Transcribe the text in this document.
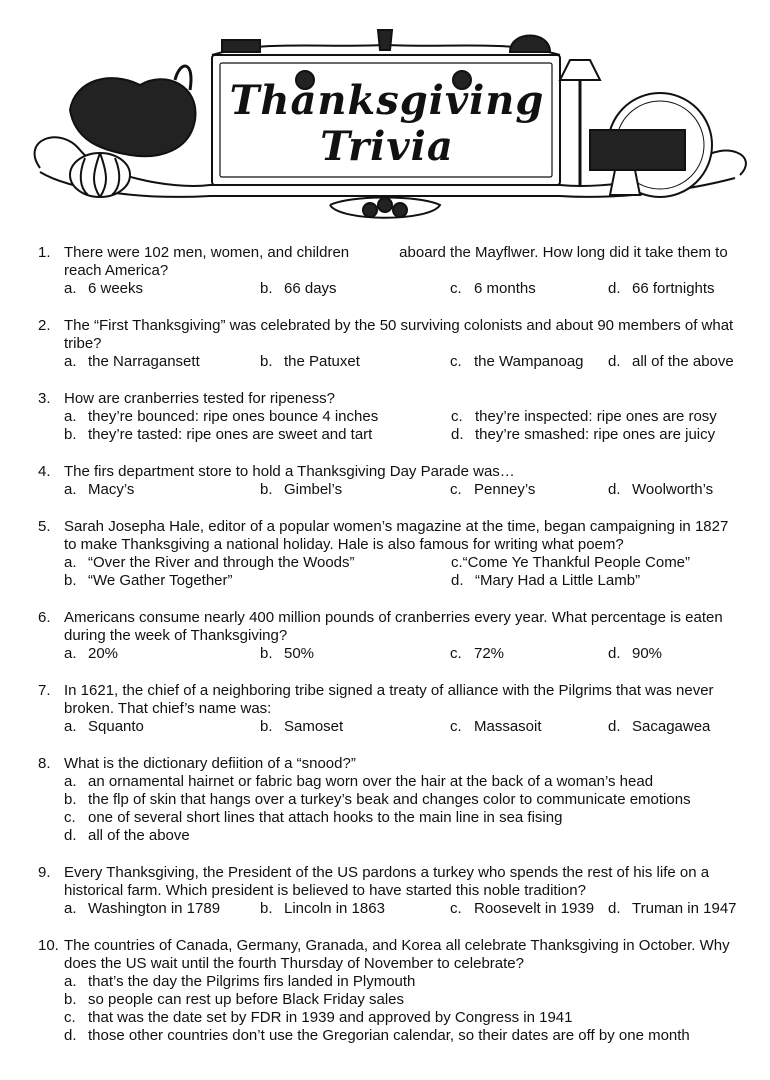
Thanksgiving
Trivia
1. There were 102 men, women, and children            aboard the Mayflwer. How long did it take them to reach America?
a. 6 weeks	b. 66 days	c. 6 months	d. 66 fortnights
2. The “First Thanksgiving” was celebrated by the 50 surviving colonists and about 90 members of what tribe?
a. the Narragansett	b. the Patuxet	c. the Wampanoag	d. all of the above
3. How are cranberries tested for ripeness?
a. they’re bounced: ripe ones bounce 4 inches	c. they’re inspected: ripe ones are rosy
b. they’re tasted: ripe ones are sweet and tart	d. they’re smashed: ripe ones are juicy
4. The firs department store to hold a Thanksgiving Day Parade was…
a. Macy’s	b. Gimbel’s	c. Penney’s	d. Woolworth’s
5. Sarah Josepha Hale, editor of a popular women’s magazine at the time, began campaigning in 1827 to make Thanksgiving a national holiday. Hale is also famous for writing what poem?
a. “Over the River and through the Woods”	c.“Come Ye Thankful People Come”
b. “We Gather Together”	d. “Mary Had a Little Lamb”
6. Americans consume nearly 400 million pounds of cranberries every year. What percentage is eaten during the week of Thanksgiving?
a. 20%	b. 50%	c. 72%	d. 90%
7. In 1621, the chief of a neighboring tribe signed a treaty of alliance with the Pilgrims that was never broken. That chief’s name was:
a. Squanto	b. Samoset	c. Massasoit	d. Sacagawea
8. What is the dictionary defiition of a “snood?”
a. an ornamental hairnet or fabric bag worn over the hair at the back of a woman’s head
b. the flp of skin that hangs over a turkey’s beak and changes color to communicate emotions
c. one of several short lines that attach hooks to the main line in sea fising
d. all of the above
9. Every Thanksgiving, the President of the US pardons a turkey who spends the rest of his life on a historical farm. Which president is believed to have started this noble tradition?
a. Washington in 1789	b. Lincoln in 1863	c. Roosevelt in 1939 d. Truman in 1947
10. The countries of Canada, Germany, Granada, and Korea all celebrate Thanksgiving in October. Why does the US wait until the fourth Thursday of November to celebrate?
a. that’s the day the Pilgrims firs landed in Plymouth
b. so people can rest up before Black Friday sales
c. that was the date set by FDR in 1939 and approved by Congress in 1941
d. those other countries don’t use the Gregorian calendar, so their dates are off by one month
